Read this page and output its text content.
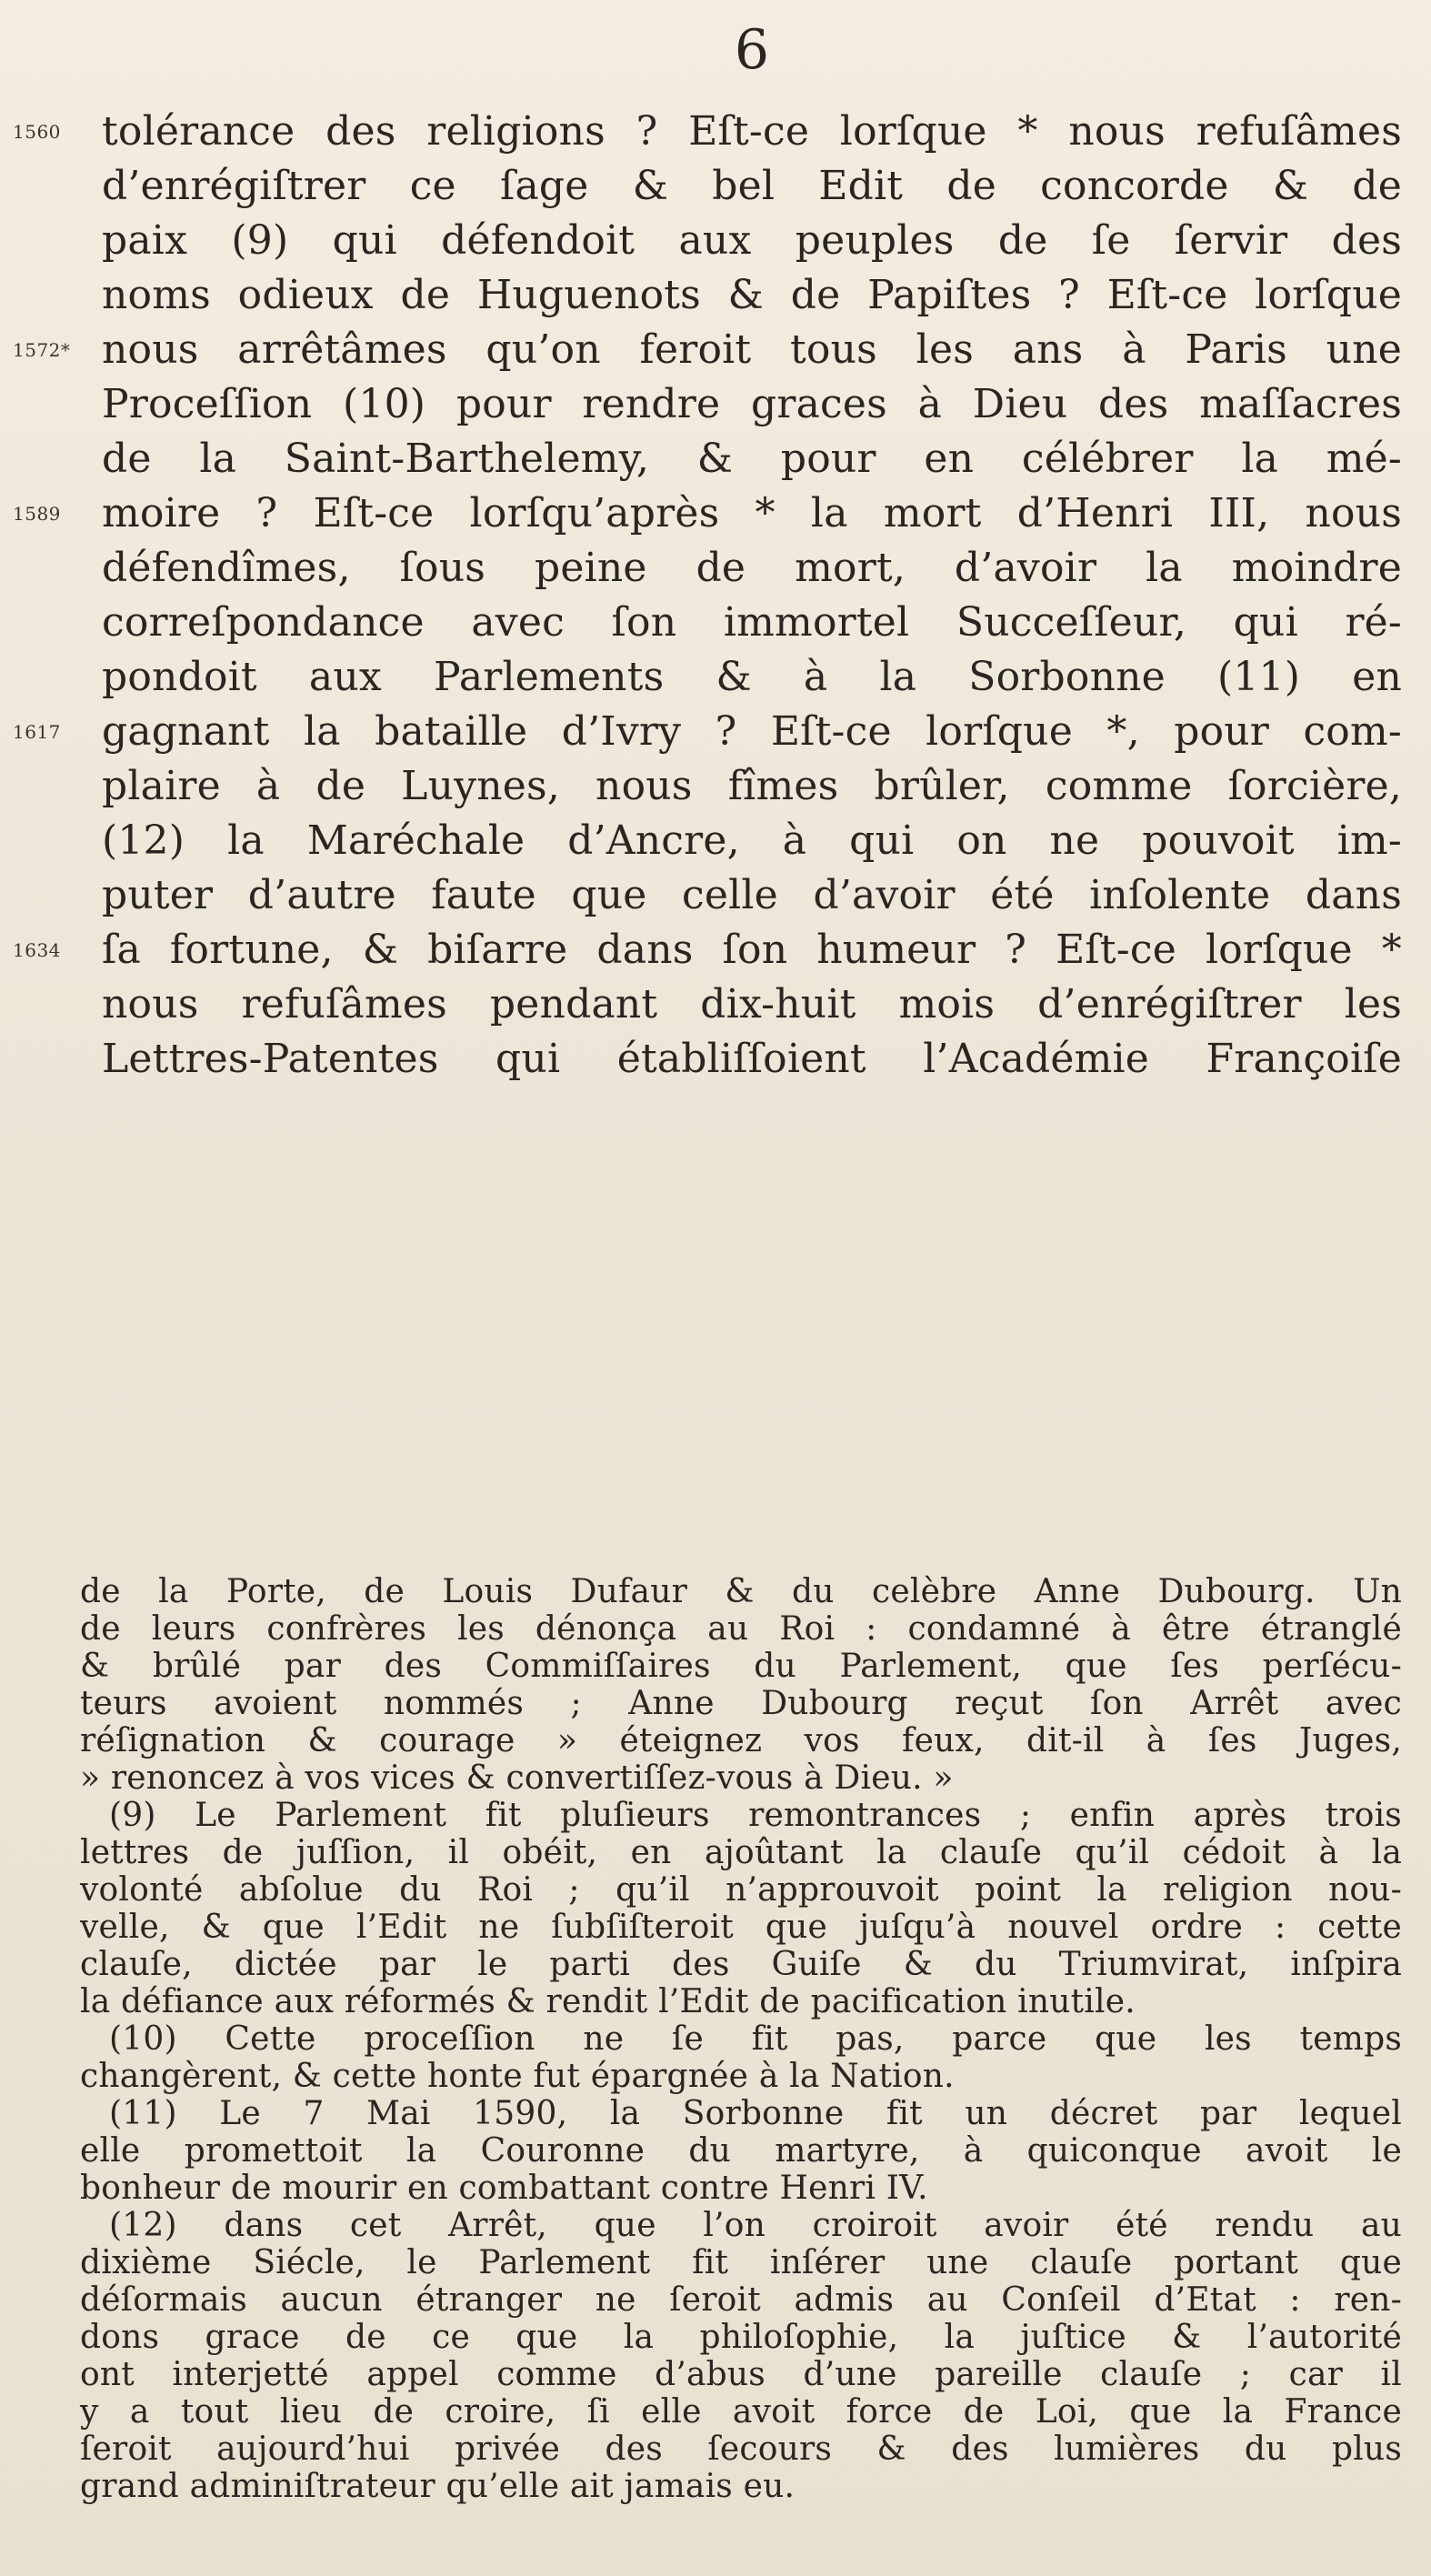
6
1560
1572*
1589
1617
1634
tolérance des religions ? Eſt-ce lorſque * nous refuſâmes
d’enrégiſtrer ce ſage & bel Edit de concorde & de
paix (9) qui défendoit aux peuples de ſe ſervir des
noms odieux de Huguenots & de Papiſtes ? Eſt-ce lorſque
nous arrêtâmes qu’on feroit tous les ans à Paris une
Proceſſion (10) pour rendre graces à Dieu des maſſacres
de la Saint-Barthelemy, & pour en célébrer la mé-
moire ? Eſt-ce lorſqu’après * la mort d’Henri III, nous
défendîmes, ſous peine de mort, d’avoir la moindre
correſpondance avec ſon immortel Succeſſeur, qui ré-
pondoit aux Parlements & à la Sorbonne (11) en
gagnant la bataille d’Ivry ? Eſt-ce lorſque *, pour com-
plaire à de Luynes, nous fîmes brûler, comme ſorcière,
(12) la Maréchale d’Ancre, à qui on ne pouvoit im-
puter d’autre faute que celle d’avoir été inſolente dans
ſa fortune, & biſarre dans ſon humeur ? Eſt-ce lorſque *
nous refuſâmes pendant dix-huit mois d’enrégiſtrer les
Lettres-Patentes qui établiſſoient l’Académie Françoiſe
de la Porte, de Louis Dufaur & du celèbre Anne Dubourg. Un
de leurs confrères les dénonça au Roi : condamné à être étranglé
& brûlé par des Commiſſaires du Parlement, que ſes perſécu-
teurs avoient nommés ; Anne Dubourg reçut ſon Arrêt avec
réſignation & courage » éteignez vos feux, dit-il à ſes Juges,
» renoncez à vos vices & convertiſſez-vous à Dieu. »
(9) Le Parlement fit pluſieurs remontrances ; enfin après trois
lettres de juſſion, il obéit, en ajoûtant la clauſe qu’il cédoit à la
volonté abſolue du Roi ; qu’il n’approuvoit point la religion nou-
velle, & que l’Edit ne ſubſiſteroit que juſqu’à nouvel ordre : cette
clauſe, dictée par le parti des Guiſe & du Triumvirat, inſpira
la défiance aux réformés & rendit l’Edit de pacification inutile.
(10) Cette proceſſion ne ſe fit pas, parce que les temps
changèrent, & cette honte fut épargnée à la Nation.
(11) Le 7 Mai 1590, la Sorbonne fit un décret par lequel
elle promettoit la Couronne du martyre, à quiconque avoit le
bonheur de mourir en combattant contre Henri IV.
(12) dans cet Arrêt, que l’on croiroit avoir été rendu au
dixième Siécle, le Parlement fit inſérer une clauſe portant que
déſormais aucun étranger ne ſeroit admis au Conſeil d’Etat : ren-
dons grace de ce que la philoſophie, la juſtice & l’autorité
ont interjetté appel comme d’abus d’une pareille clauſe ; car il
y a tout lieu de croire, ſi elle avoit force de Loi, que la France
ſeroit aujourd’hui privée des ſecours & des lumières du plus
grand adminiſtrateur qu’elle ait jamais eu.
